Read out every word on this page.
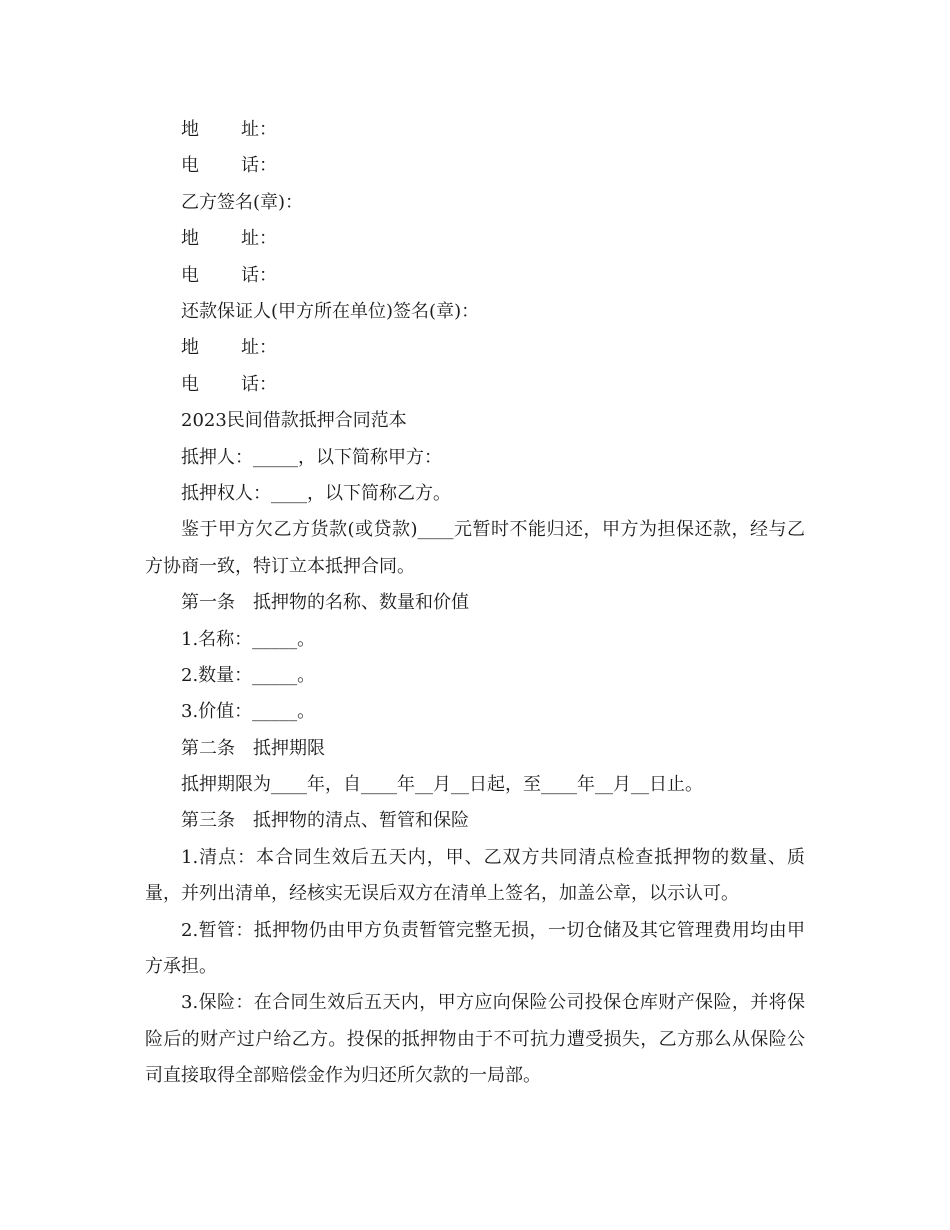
地 址：
电 话：
乙方签名(章)：
地 址：
电 话：
还款保证人(甲方所在单位)签名(章)：
地 址：
电 话：
2023民间借款抵押合同范本
抵押人：_____，以下简称甲方：
抵押权人：____，以下简称乙方。
鉴于甲方欠乙方货款(或贷款)____元暂时不能归还，甲方为担保还款，经与乙方协商一致，特订立本抵押合同。
第一条　抵押物的名称、数量和价值
1.名称：_____。
2.数量：_____。
3.价值：_____。
第二条　抵押期限
抵押期限为____年，自____年__月__日起，至____年__月__日止。
第三条　抵押物的清点、暂管和保险
1.清点：本合同生效后五天内，甲、乙双方共同清点检查抵押物的数量、质量，并列出清单，经核实无误后双方在清单上签名，加盖公章，以示认可。
2.暂管：抵押物仍由甲方负责暂管完整无损，一切仓储及其它管理费用均由甲方承担。
3.保险：在合同生效后五天内，甲方应向保险公司投保仓库财产保险，并将保险后的财产过户给乙方。投保的抵押物由于不可抗力遭受损失，乙方那么从保险公司直接取得全部赔偿金作为归还所欠款的一局部。
